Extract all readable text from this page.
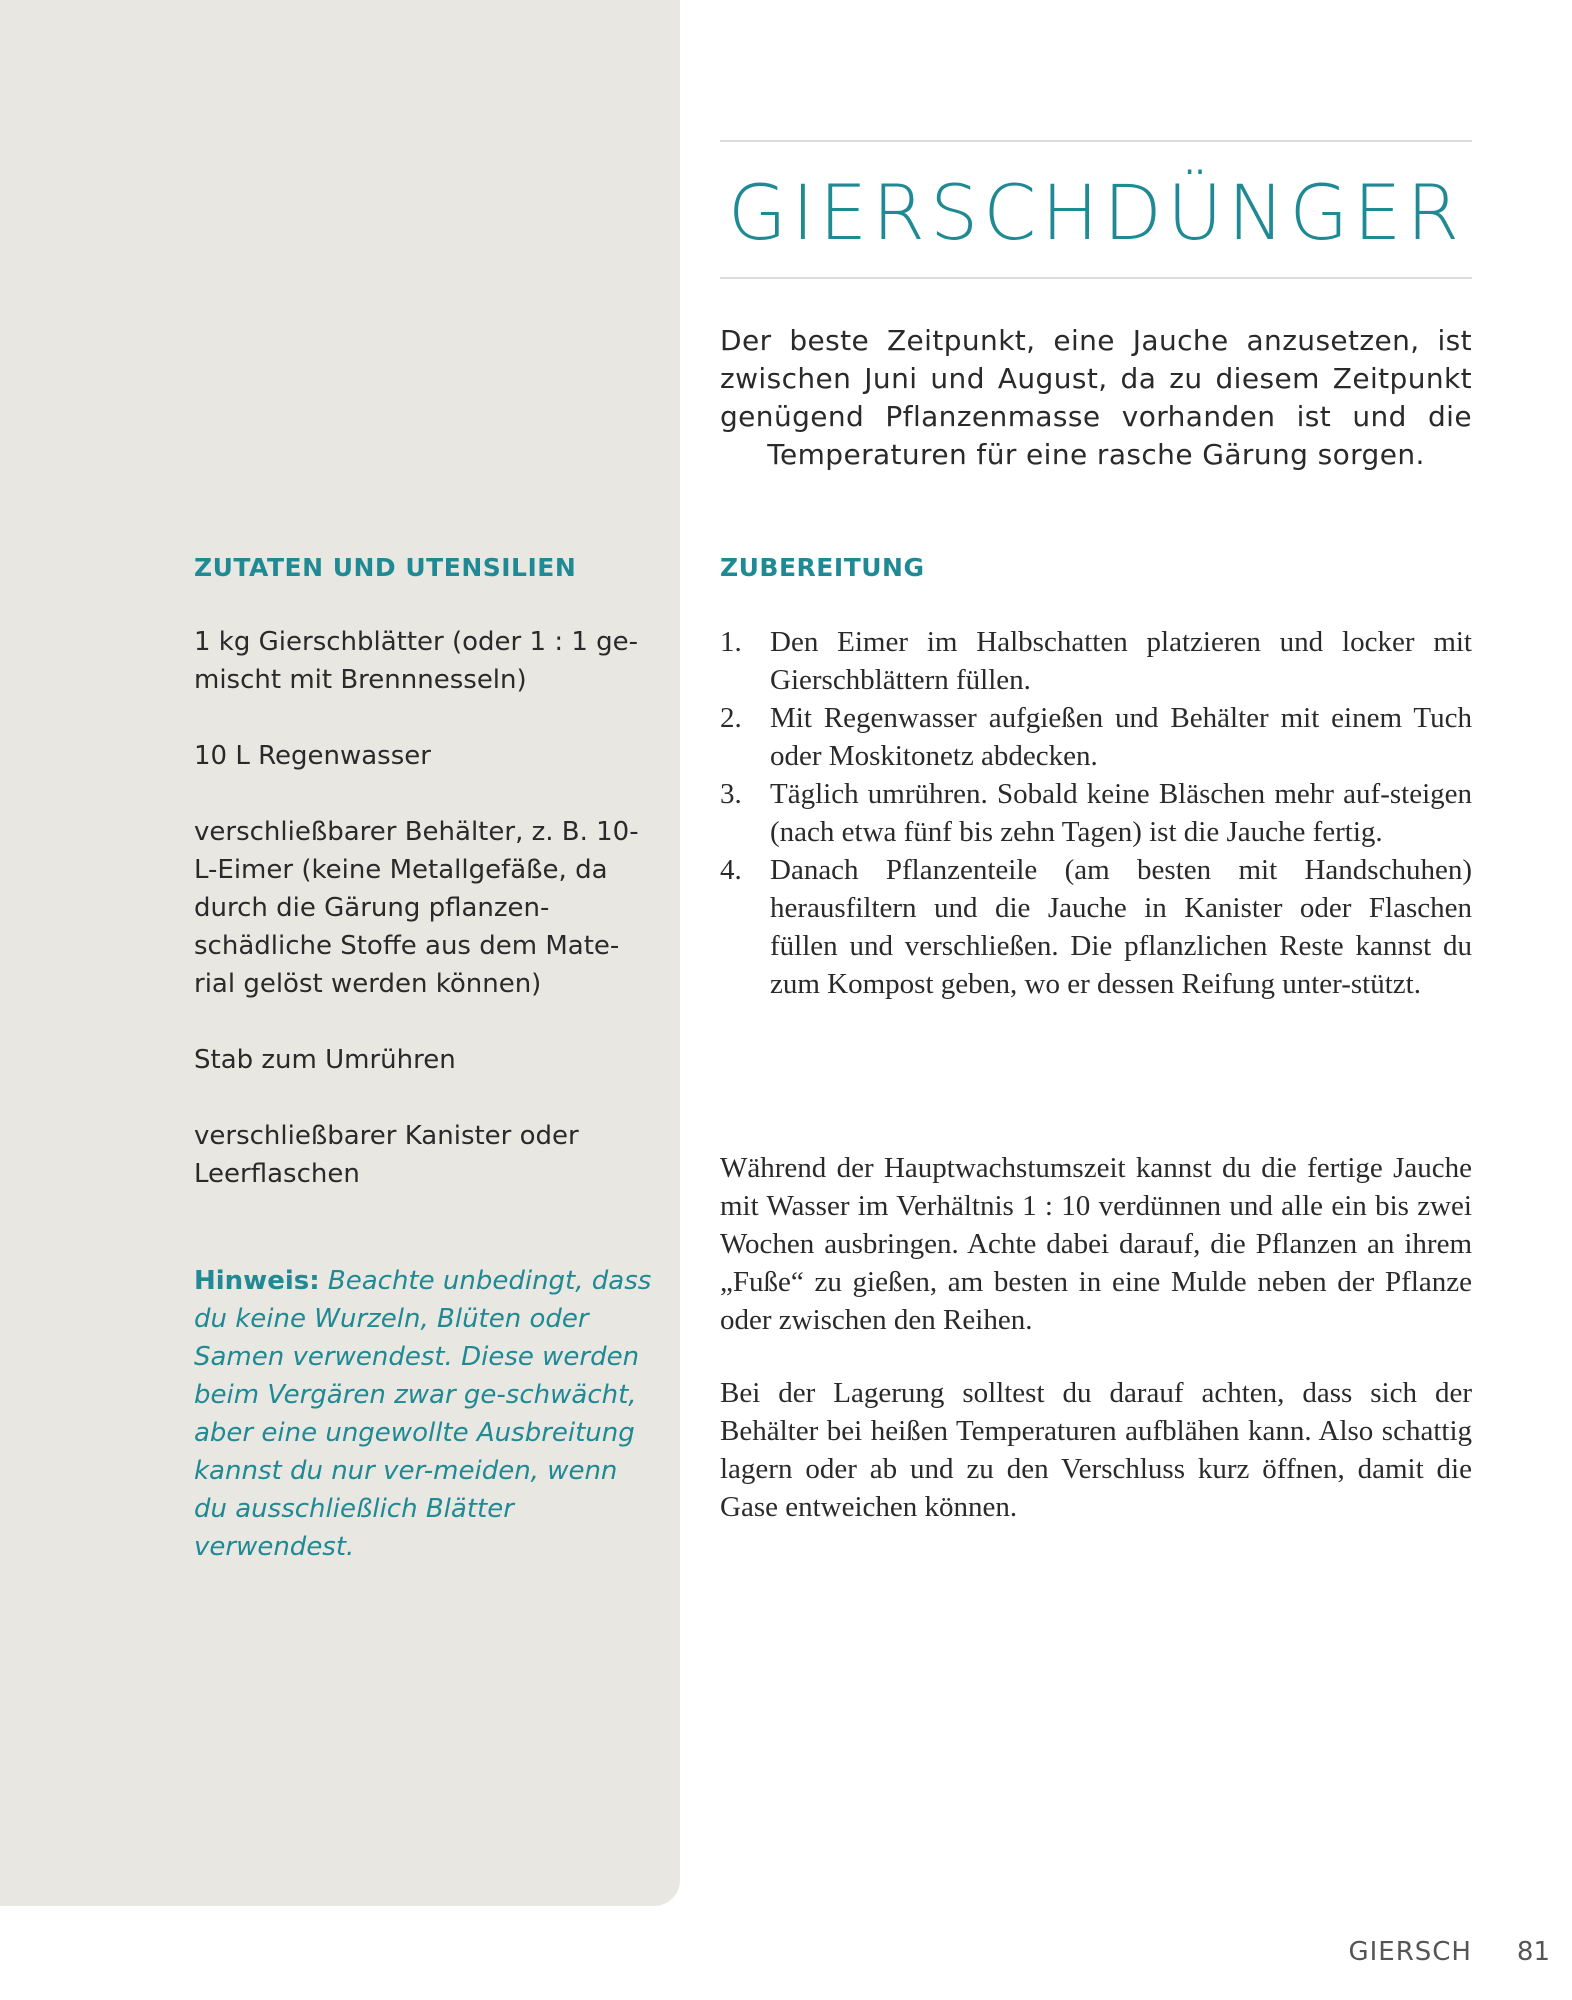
GIERSCHDÜNGER

Der beste Zeitpunkt, eine Jauche anzusetzen, ist zwischen Juni und August, da zu diesem Zeitpunkt genügend Pflanzenmasse vorhanden ist und die Temperaturen für eine rasche Gärung sorgen.

ZUTATEN UND UTENSILIEN
1 kg Gierschblätter (oder 1 : 1 ge-mischt mit Brennnesseln)
10 L Regenwasser
verschließbarer Behälter, z. B. 10-L-Eimer (keine Metallgefäße, da durch die Gärung pflanzen-schädliche Stoffe aus dem Mate-rial gelöst werden können)
Stab zum Umrühren
verschließbarer Kanister oder Leerflaschen

Hinweis: Beachte unbedingt, dass du keine Wurzeln, Blüten oder Samen verwendest. Diese werden beim Vergären zwar ge-schwächt, aber eine ungewollte Ausbreitung kannst du nur ver-meiden, wenn du ausschließlich Blätter verwendest.

ZUBEREITUNG
1. Den Eimer im Halbschatten platzieren und locker mit Gierschblättern füllen.
2. Mit Regenwasser aufgießen und Behälter mit einem Tuch oder Moskitonetz abdecken.
3. Täglich umrühren. Sobald keine Bläschen mehr auf-steigen (nach etwa fünf bis zehn Tagen) ist die Jauche fertig.
4. Danach Pflanzenteile (am besten mit Handschuhen) herausfiltern und die Jauche in Kanister oder Flaschen füllen und verschließen. Die pflanzlichen Reste kannst du zum Kompost geben, wo er dessen Reifung unter-stützt.

Während der Hauptwachstumszeit kannst du die fertige Jauche mit Wasser im Verhältnis 1 : 10 verdünnen und alle ein bis zwei Wochen ausbringen. Achte dabei darauf, die Pflanzen an ihrem „Fuße“ zu gießen, am besten in eine Mulde neben der Pflanze oder zwischen den Reihen.

Bei der Lagerung solltest du darauf achten, dass sich der Behälter bei heißen Temperaturen aufblähen kann. Also schattig lagern oder ab und zu den Verschluss kurz öffnen, damit die Gase entweichen können.

GIERSCH	81
